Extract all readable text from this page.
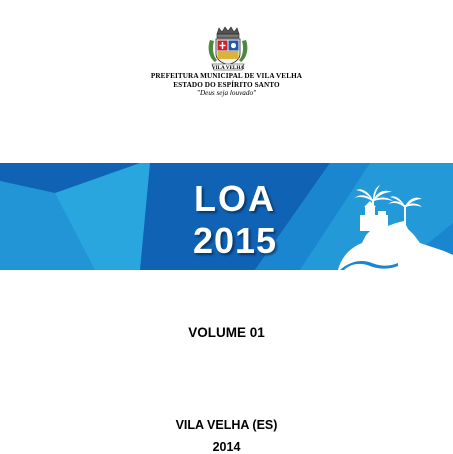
VILA VELHA
PREFEITURA MUNICIPAL DE VILA VELHA
ESTADO DO ESPÍRITO SANTO
"Deus seja louvado"
LOA
2015
VOLUME 01
VILA VELHA (ES)
2014
